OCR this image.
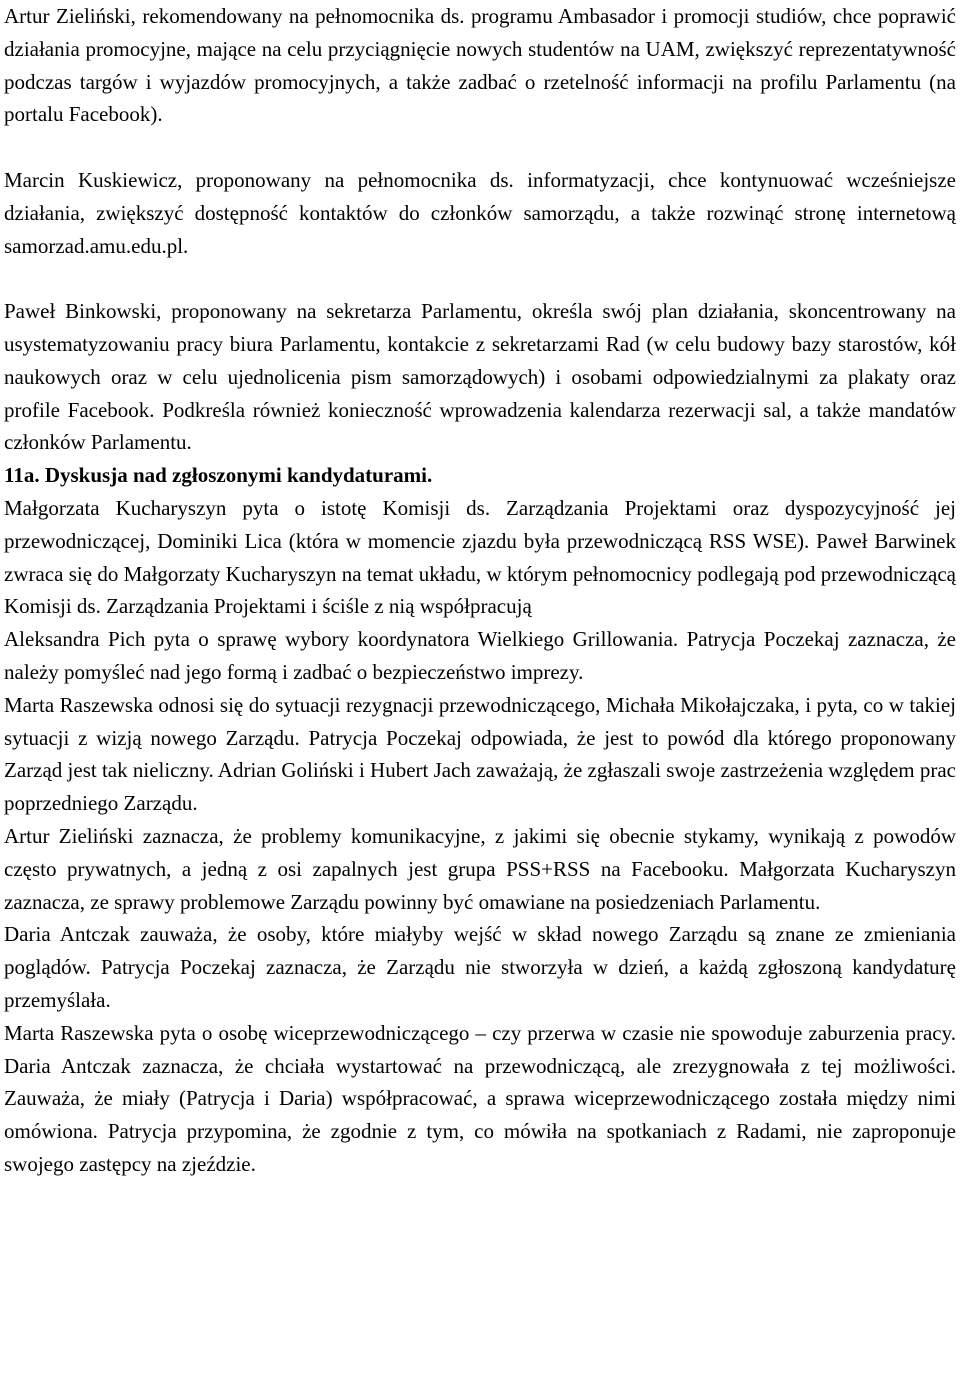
Artur Zieliński, rekomendowany na pełnomocnika ds. programu Ambasador i promocji studiów, chce poprawić działania promocyjne, mające na celu przyciągnięcie nowych studentów na UAM, zwiększyć reprezentatywność podczas targów i wyjazdów promocyjnych, a także zadbać o rzetelność informacji na profilu Parlamentu (na portalu Facebook).

Marcin Kuskiewicz, proponowany na pełnomocnika ds. informatyzacji, chce kontynuować wcześniejsze działania, zwiększyć dostępność kontaktów do członków samorządu, a także rozwinąć stronę internetową samorzad.amu.edu.pl.

Paweł Binkowski, proponowany na sekretarza Parlamentu, określa swój plan działania, skoncentrowany na usystematyzowaniu pracy biura Parlamentu, kontakcie z sekretarzami Rad (w celu budowy bazy starostów, kół naukowych oraz w celu ujednolicenia pism samorządowych) i osobami odpowiedzialnymi za plakaty oraz profile Facebook. Podkreśla również konieczność wprowadzenia kalendarza rezerwacji sal, a także mandatów członków Parlamentu.

11a. Dyskusja nad zgłoszonymi kandydaturami.

Małgorzata Kucharyszyn pyta o istotę Komisji ds. Zarządzania Projektami oraz dyspozycyjność jej przewodniczącej, Dominiki Lica (która w momencie zjazdu była przewodniczącą RSS WSE). Paweł Barwinek zwraca się do Małgorzaty Kucharyszyn na temat układu, w którym pełnomocnicy podlegają pod przewodniczącą Komisji ds. Zarządzania Projektami i ściśle z nią współpracują

Aleksandra Pich pyta o sprawę wybory koordynatora Wielkiego Grillowania. Patrycja Poczekaj zaznacza, że należy pomyśleć nad jego formą i zadbać o bezpieczeństwo imprezy.

Marta Raszewska odnosi się do sytuacji rezygnacji przewodniczącego, Michała Mikołajczaka, i pyta, co w takiej sytuacji z wizją nowego Zarządu. Patrycja Poczekaj odpowiada, że jest to powód dla którego proponowany Zarząd jest tak nieliczny. Adrian Goliński i Hubert Jach zaważają, że zgłaszali swoje zastrzeżenia względem prac poprzedniego Zarządu.

Artur Zieliński zaznacza, że problemy komunikacyjne, z jakimi się obecnie stykamy, wynikają z powodów często prywatnych, a jedną z osi zapalnych jest grupa PSS+RSS na Facebooku. Małgorzata Kucharyszyn zaznacza, ze sprawy problemowe Zarządu powinny być omawiane na posiedzeniach Parlamentu.

Daria Antczak zauważa, że osoby, które miałyby wejść w skład nowego Zarządu są znane ze zmieniania poglądów. Patrycja Poczekaj zaznacza, że Zarządu nie stworzyła w dzień, a każdą zgłoszoną kandydaturę przemyślała.

Marta Raszewska pyta o osobę wiceprzewodniczącego – czy przerwa w czasie nie spowoduje zaburzenia pracy. Daria Antczak zaznacza, że chciała wystartować na przewodniczącą, ale zrezygnowała z tej możliwości. Zauważa, że miały (Patrycja i Daria) współpracować, a sprawa wiceprzewodniczącego została między nimi omówiona. Patrycja przypomina, że zgodnie z tym, co mówiła na spotkaniach z Radami, nie zaproponuje swojego zastępcy na zjeździe.
